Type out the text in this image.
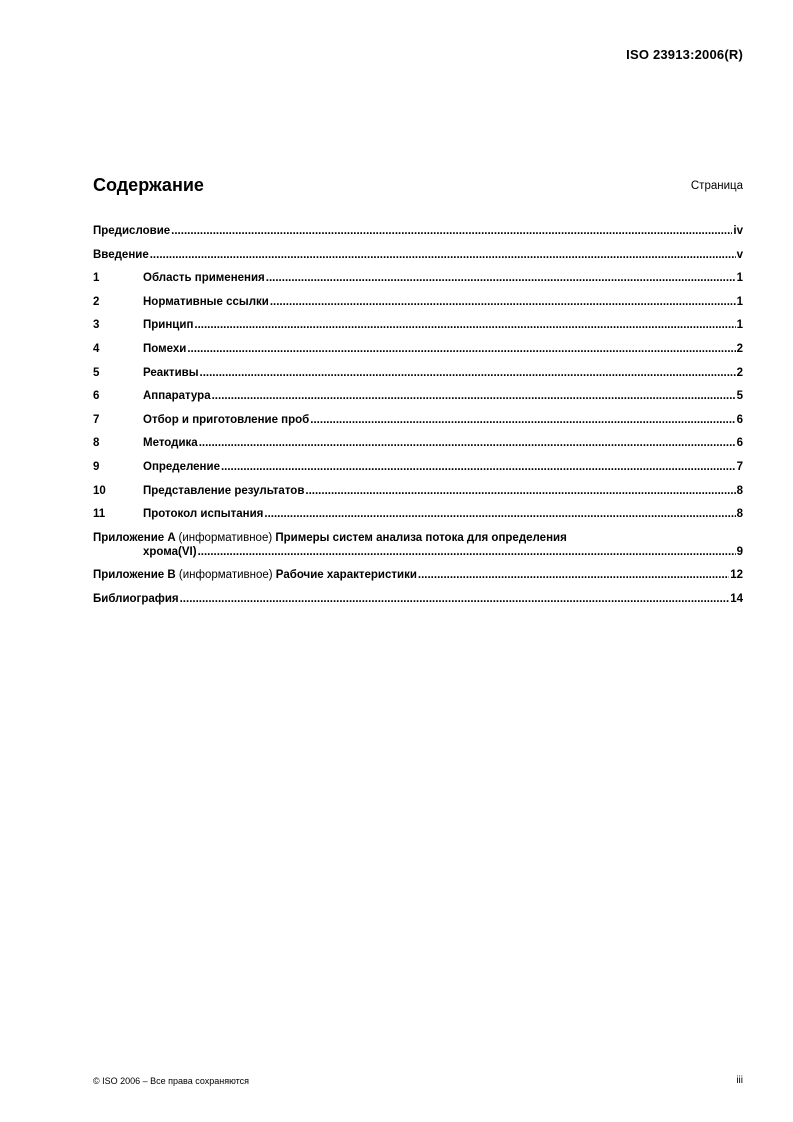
ISO 23913:2006(R)
Содержание	Страница
Предисловие .....	iv
Введение .....	v
1	Область применения .....	1
2	Нормативные ссылки .....	1
3	Принцип .....	1
4	Помехи .....	2
5	Реактивы .....	2
6	Аппаратура .....	5
7	Отбор и приготовление проб .....	6
8	Методика .....	6
9	Определение .....	7
10	Представление результатов .....	8
11	Протокол испытания .....	8
Приложение A (информативное) Примеры систем анализа потока для определения
хрома(VI) .....	9
Приложение B (информативное) Рабочие характеристики .....	12
Библиография .....	14
© ISO 2006 – Все права сохраняются	iii
